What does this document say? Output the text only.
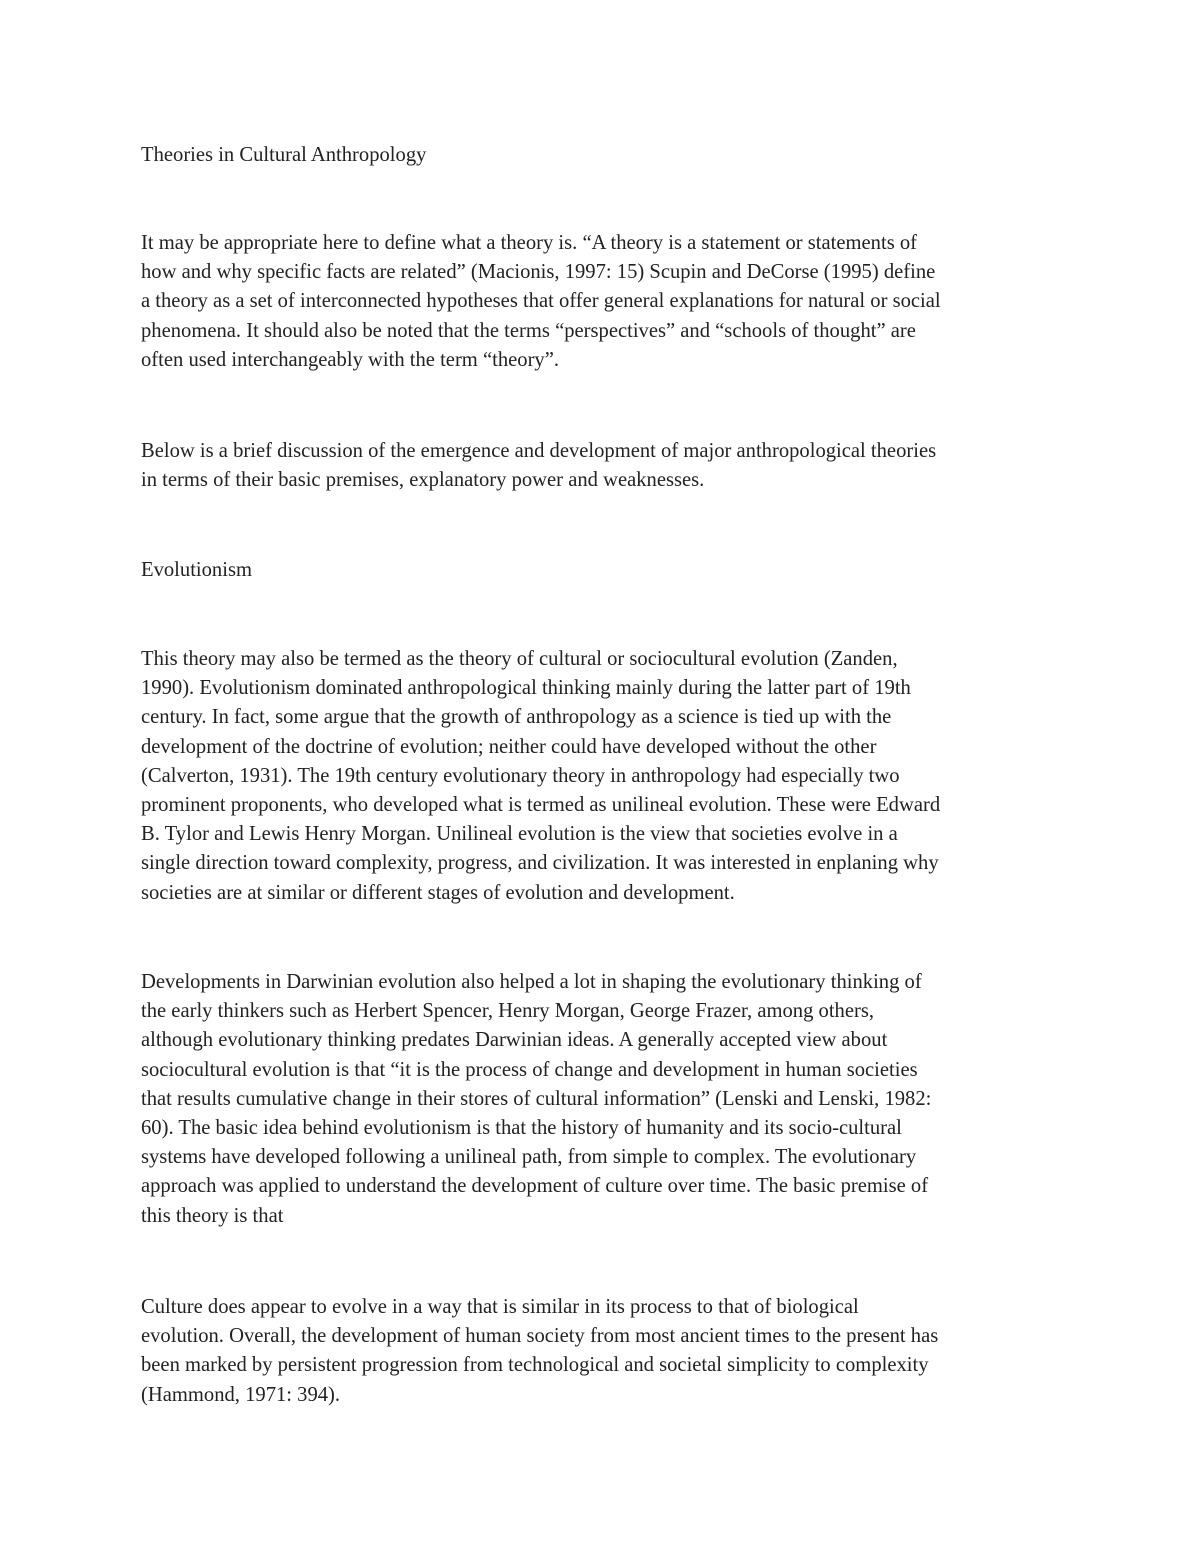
Theories in Cultural Anthropology

It may be appropriate here to define what a theory is. “A theory is a statement or statements of
how and why specific facts are related” (Macionis, 1997: 15) Scupin and DeCorse (1995) define
a theory as a set of interconnected hypotheses that offer general explanations for natural or social
phenomena. It should also be noted that the terms “perspectives” and “schools of thought” are
often used interchangeably with the term “theory”.

Below is a brief discussion of the emergence and development of major anthropological theories
in terms of their basic premises, explanatory power and weaknesses.

Evolutionism

This theory may also be termed as the theory of cultural or sociocultural evolution (Zanden,
1990). Evolutionism dominated anthropological thinking mainly during the latter part of 19th
century. In fact, some argue that the growth of anthropology as a science is tied up with the
development of the doctrine of evolution; neither could have developed without the other
(Calverton, 1931). The 19th century evolutionary theory in anthropology had especially two
prominent proponents, who developed what is termed as unilineal evolution. These were Edward
B. Tylor and Lewis Henry Morgan. Unilineal evolution is the view that societies evolve in a
single direction toward complexity, progress, and civilization. It was interested in enplaning why
societies are at similar or different stages of evolution and development.

Developments in Darwinian evolution also helped a lot in shaping the evolutionary thinking of
the early thinkers such as Herbert Spencer, Henry Morgan, George Frazer, among others,
although evolutionary thinking predates Darwinian ideas. A generally accepted view about
sociocultural evolution is that “it is the process of change and development in human societies
that results cumulative change in their stores of cultural information” (Lenski and Lenski, 1982:
60). The basic idea behind evolutionism is that the history of humanity and its socio-cultural
systems have developed following a unilineal path, from simple to complex. The evolutionary
approach was applied to understand the development of culture over time. The basic premise of
this theory is that

Culture does appear to evolve in a way that is similar in its process to that of biological
evolution. Overall, the development of human society from most ancient times to the present has
been marked by persistent progression from technological and societal simplicity to complexity
(Hammond, 1971: 394).
